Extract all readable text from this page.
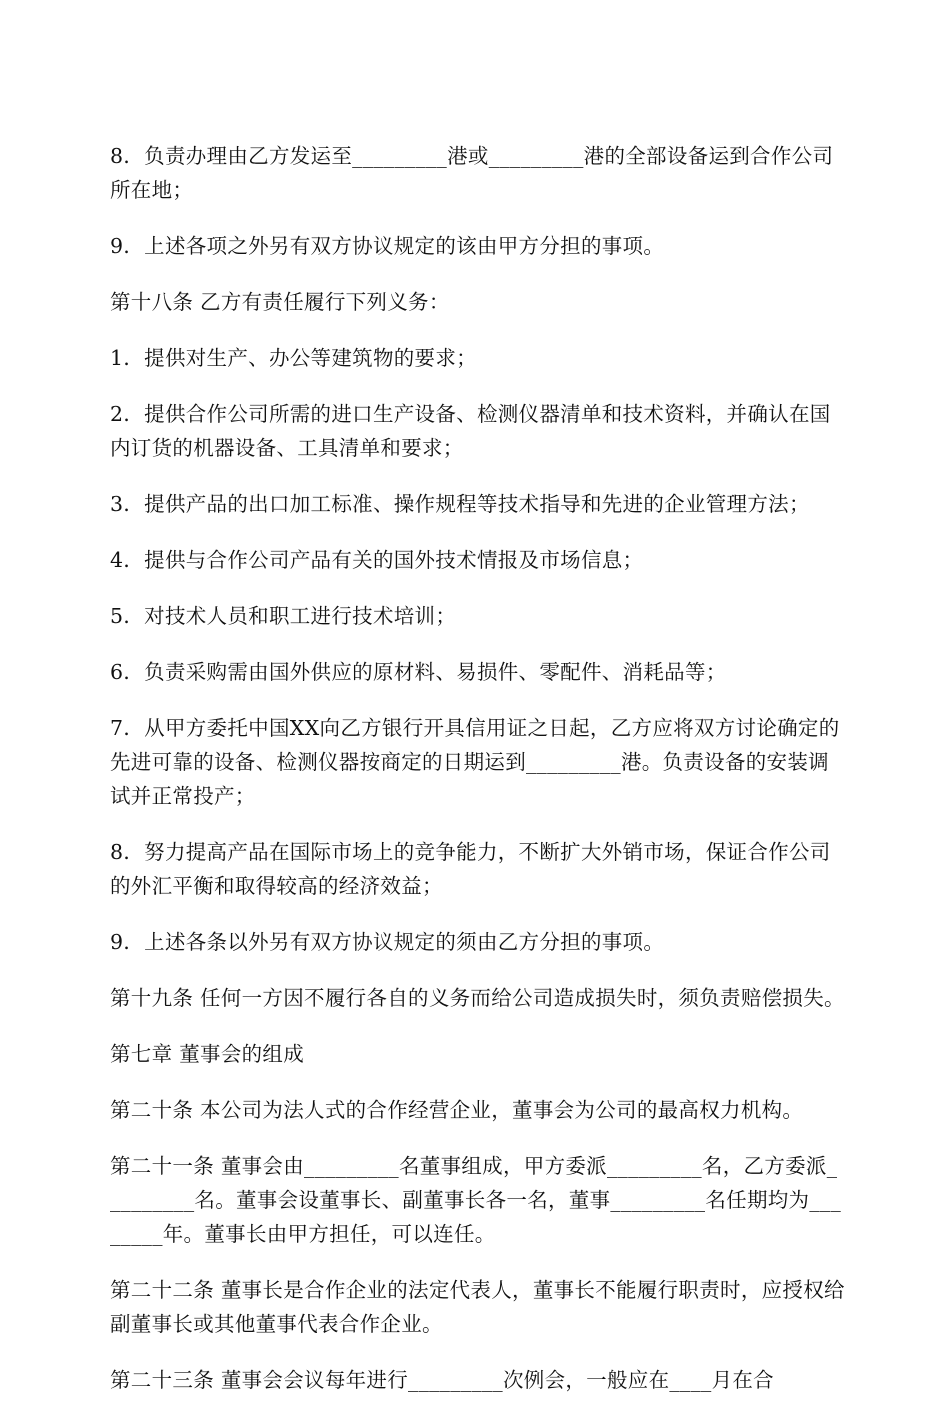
8．负责办理由乙方发运至_________港或_________港的全部设备运到合作公司所在地；

9．上述各项之外另有双方协议规定的该由甲方分担的事项。

第十八条 乙方有责任履行下列义务：

1．提供对生产、办公等建筑物的要求；

2．提供合作公司所需的进口生产设备、检测仪器清单和技术资料，并确认在国内订货的机器设备、工具清单和要求；

3．提供产品的出口加工标准、操作规程等技术指导和先进的企业管理方法；

4．提供与合作公司产品有关的国外技术情报及市场信息；

5．对技术人员和职工进行技术培训；

6．负责采购需由国外供应的原材料、易损件、零配件、消耗品等；

7．从甲方委托中国XX向乙方银行开具信用证之日起，乙方应将双方讨论确定的先进可靠的设备、检测仪器按商定的日期运到_________港。负责设备的安装调试并正常投产；

8．努力提高产品在国际市场上的竞争能力，不断扩大外销市场，保证合作公司的外汇平衡和取得较高的经济效益；

9．上述各条以外另有双方协议规定的须由乙方分担的事项。

第十九条 任何一方因不履行各自的义务而给公司造成损失时，须负责赔偿损失。

第七章 董事会的组成

第二十条 本公司为法人式的合作经营企业，董事会为公司的最高权力机构。

第二十一条 董事会由_________名董事组成，甲方委派_________名，乙方委派_________名。董事会设董事长、副董事长各一名，董事_________名任期均为________年。董事长由甲方担任，可以连任。

第二十二条 董事长是合作企业的法定代表人，董事长不能履行职责时，应授权给副董事长或其他董事代表合作企业。

第二十三条 董事会会议每年进行_________次例会，一般应在____月在合
